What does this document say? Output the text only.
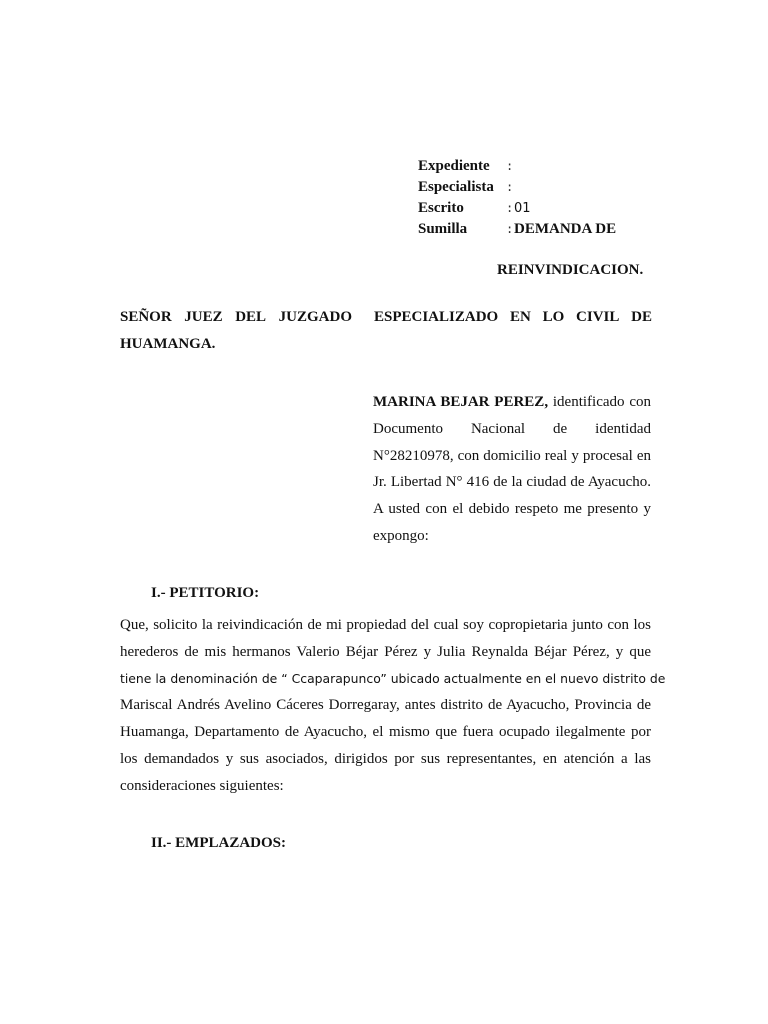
Expediente	:
Especialista	:
Escrito	: 01
Sumilla	: DEMANDA DE
REINVINDICACION.
SEÑOR JUEZ DEL JUZGADO ESPECIALIZADO EN LO CIVIL DE
HUAMANGA.
MARINA BEJAR PEREZ, identificado con Documento Nacional de identidad N°28210978, con domicilio real y procesal en Jr. Libertad N° 416 de la ciudad de Ayacucho. A usted con el debido respeto me presento y expongo:
I.- PETITORIO:
Que, solicito la reivindicación de mi propiedad del cual soy copropietaria junto con los
herederos de mis hermanos Valerio Béjar Pérez y Julia Reynalda Béjar Pérez, y que
tiene la denominación de “ Ccaparapunco” ubicado actualmente en el nuevo distrito de
Mariscal Andrés Avelino Cáceres Dorregaray, antes distrito de Ayacucho, Provincia de
Huamanga, Departamento de Ayacucho, el mismo que fuera ocupado ilegalmente por
los demandados y sus asociados, dirigidos por sus representantes, en atención a las
consideraciones siguientes:
II.- EMPLAZADOS:
